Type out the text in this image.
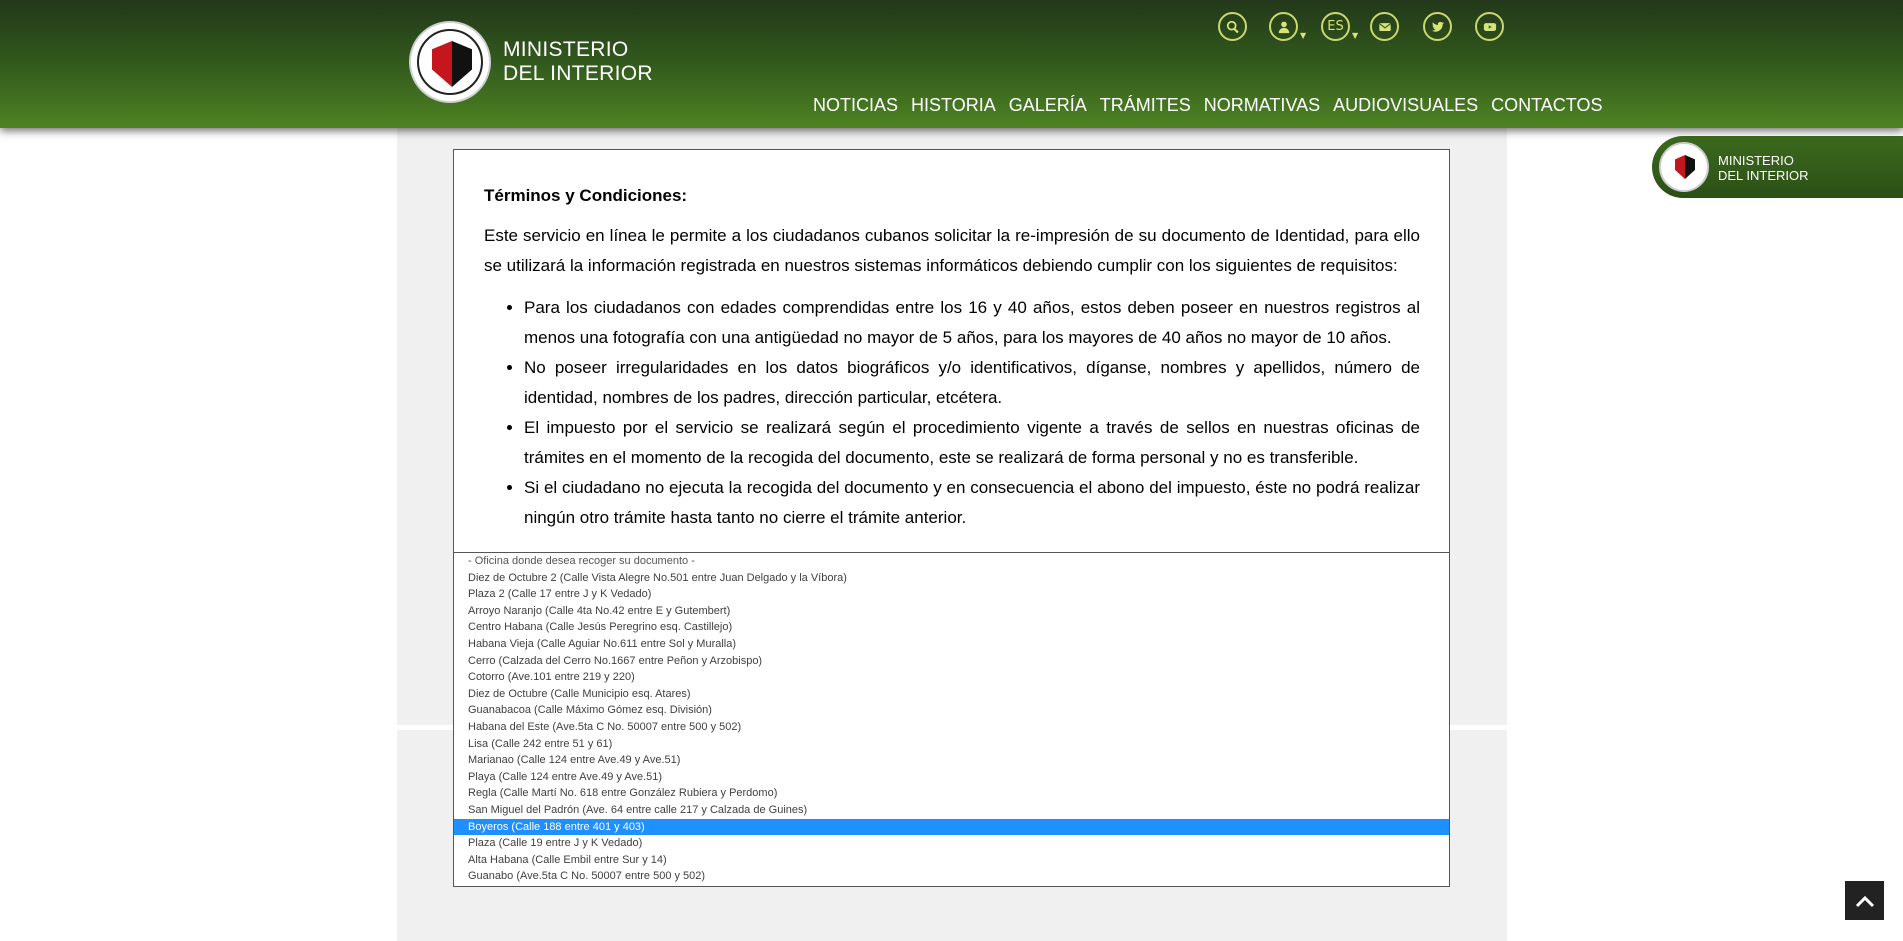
MINISTERIO
DEL INTERIOR
▼
ES
▼
NOTICIAS HISTORIA GALERÍA TRÁMITES NORMATIVAS AUDIOVISUALES CONTACTOS
MINISTERIO
DEL INTERIOR
Términos y Condiciones:

Este servicio en línea le permite a los ciudadanos cubanos solicitar la re-impresión de su documento de Identidad, para ello se utilizará la información registrada en nuestros sistemas informáticos debiendo cumplir con los siguientes de requisitos:

• Para los ciudadanos con edades comprendidas entre los 16 y 40 años, estos deben poseer en nuestros registros al menos una fotografía con una antigüedad no mayor de 5 años, para los mayores de 40 años no mayor de 10 años.
• No poseer irregularidades en los datos biográficos y/o identificativos, díganse, nombres y apellidos, número de identidad, nombres de los padres, dirección particular, etcétera.
• El impuesto por el servicio se realizará según el procedimiento vigente a través de sellos en nuestras oficinas de trámites en el momento de la recogida del documento, este se realizará de forma personal y no es transferible.
• Si el ciudadano no ejecuta la recogida del documento y en consecuencia el abono del impuesto, éste no podrá realizar ningún otro trámite hasta tanto no cierre el trámite anterior.
- Oficina donde desea recoger su documento -
Diez de Octubre 2 (Calle Vista Alegre No.501 entre Juan Delgado y la Víbora)
Plaza 2 (Calle 17 entre J y K Vedado)
Arroyo Naranjo (Calle 4ta No.42 entre E y Gutembert)
Centro Habana (Calle Jesús Peregrino esq. Castillejo)
Habana Vieja (Calle Aguiar No.611 entre Sol y Muralla)
Cerro (Calzada del Cerro No.1667 entre Peñon y Arzobispo)
Cotorro (Ave.101 entre 219 y 220)
Diez de Octubre (Calle Municipio esq. Atares)
Guanabacoa (Calle Máximo Gómez esq. División)
Habana del Este (Ave.5ta C No. 50007 entre 500 y 502)
Lisa (Calle 242 entre 51 y 61)
Marianao (Calle 124 entre Ave.49 y Ave.51)
Playa (Calle 124 entre Ave.49 y Ave.51)
Regla (Calle Martí No. 618 entre González Rubiera y Perdomo)
San Miguel del Padrón (Ave. 64 entre calle 217 y Calzada de Guines)
Boyeros (Calle 188 entre 401 y 403)
Plaza (Calle 19 entre J y K Vedado)
Alta Habana (Calle Embil entre Sur y 14)
Guanabo (Ave.5ta C No. 50007 entre 500 y 502)
